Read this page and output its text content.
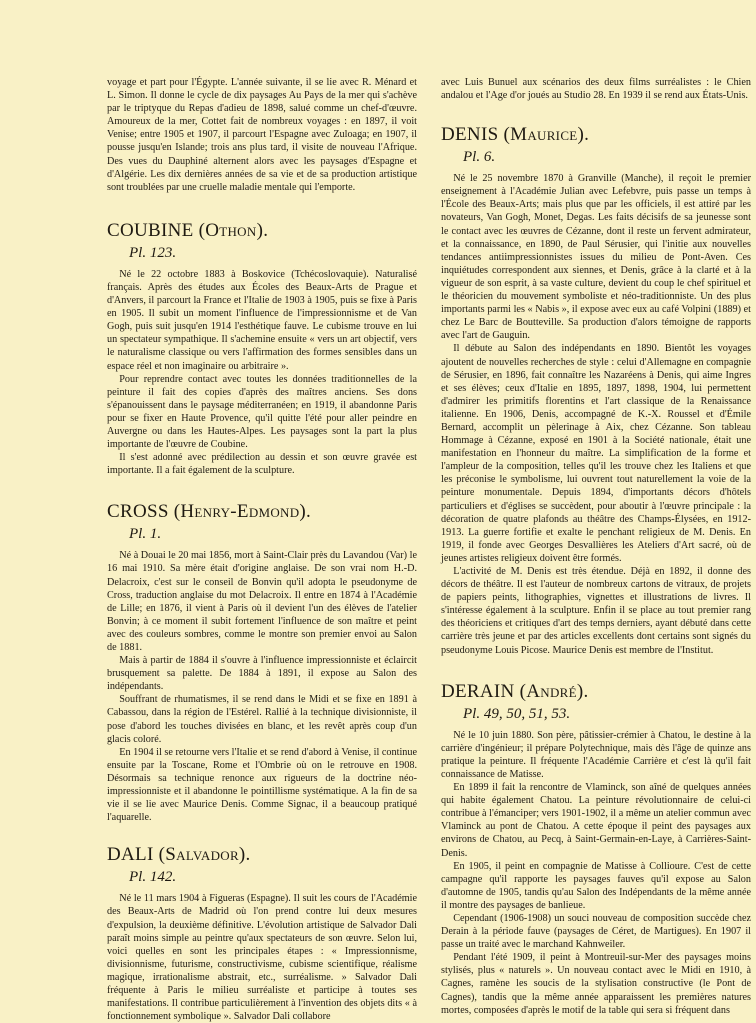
voyage et part pour l'Égypte. L'année suivante, il se lie avec R. Ménard et L. Simon. Il donne le cycle de dix paysages Au Pays de la mer qui s'achève par le triptyque du Repas d'adieu de 1898, salué comme un chef-d'œuvre. Amoureux de la mer, Cottet fait de nombreux voyages : en 1897, il voit Venise; entre 1905 et 1907, il parcourt l'Espagne avec Zuloaga; en 1907, il pousse jusqu'en Islande; trois ans plus tard, il visite de nouveau l'Afrique. Des vues du Dauphiné alternent alors avec les paysages d'Espagne et d'Algérie. Les dix dernières années de sa vie et de sa production artistique sont troublées par une cruelle maladie mentale qui l'emporte.

COUBINE (Othon).
Pl. 123.

Né le 22 octobre 1883 à Boskovice (Tchécoslovaquie). Naturalisé français. Après des études aux Écoles des Beaux-Arts de Prague et d'Anvers, il parcourt la France et l'Italie de 1903 à 1905, puis se fixe à Paris en 1905. Il subit un moment l'influence de l'impressionnisme et de Van Gogh, puis suit jusqu'en 1914 l'esthétique fauve. Le cubisme trouve en lui un spectateur sympathique. Il s'achemine ensuite « vers un art objectif, vers le naturalisme classique ou vers l'affirmation des formes sensibles dans un espace réel et non imaginaire ou arbitraire ».

Pour reprendre contact avec toutes les données traditionnelles de la peinture il fait des copies d'après des maîtres anciens. Ses dons s'épanouissent dans le paysage méditerranéen; en 1919, il abandonne Paris pour se fixer en Haute Provence, qu'il quitte l'été pour aller peindre en Auvergne ou dans les Hautes-Alpes. Les paysages sont la part la plus importante de l'œuvre de Coubine.

Il s'est adonné avec prédilection au dessin et son œuvre gravée est importante. Il a fait également de la sculpture.

CROSS (Henry-Edmond).
Pl. 1.

Né à Douai le 20 mai 1856, mort à Saint-Clair près du Lavandou (Var) le 16 mai 1910. Sa mère était d'origine anglaise. De son vrai nom H.-D. Delacroix, c'est sur le conseil de Bonvin qu'il adopta le pseudonyme de Cross, traduction anglaise du mot Delacroix. Il entre en 1874 à l'Académie de Lille; en 1876, il vient à Paris où il devient l'un des élèves de l'atelier Bonvin; à ce moment il subit fortement l'influence de son maître et peint avec des couleurs sombres, comme le montre son premier envoi au Salon de 1881.

Mais à partir de 1884 il s'ouvre à l'influence impressionniste et éclaircit brusquement sa palette. De 1884 à 1891, il expose au Salon des indépendants.

Souffrant de rhumatismes, il se rend dans le Midi et se fixe en 1891 à Cabassou, dans la région de l'Estérel. Rallié à la technique divisionniste, il pose d'abord les touches divisées en blanc, et les revêt après coup d'un glacis coloré.

En 1904 il se retourne vers l'Italie et se rend d'abord à Venise, il continue ensuite par la Toscane, Rome et l'Ombrie où on le retrouve en 1908. Désormais sa technique renonce aux rigueurs de la doctrine néo-impressionniste et il abandonne le pointillisme systématique. A la fin de sa vie il se lie avec Maurice Denis. Comme Signac, il a beaucoup pratiqué l'aquarelle.

DALI (Salvador).
Pl. 142.

Né le 11 mars 1904 à Figueras (Espagne). Il suit les cours de l'Académie des Beaux-Arts de Madrid où l'on prend contre lui deux mesures d'expulsion, la deuxième définitive. L'évolution artistique de Salvador Dali paraît moins simple au peintre qu'aux spectateurs de son œuvre. Selon lui, voici quelles en sont les principales étapes : « Impressionnisme, divisionnisme, futurisme, constructivisme, cubisme scientifique, réalisme magique, irrationalisme abstrait, etc., surréalisme. » Salvador Dali fréquente à Paris le milieu surréaliste et participe à toutes ses manifestations. Il contribue particulièrement à l'invention des objets dits « à fonctionnement symbolique ». Salvador Dali collabore

avec Luis Bunuel aux scénarios des deux films surréalistes : le Chien andalou et l'Age d'or joués au Studio 28. En 1939 il se rend aux États-Unis.

DENIS (Maurice).
Pl. 6.

Né le 25 novembre 1870 à Granville (Manche), il reçoit le premier enseignement à l'Académie Julian avec Lefebvre, puis passe un temps à l'École des Beaux-Arts; mais plus que par les officiels, il est attiré par les novateurs, Van Gogh, Monet, Degas. Les faits décisifs de sa jeunesse sont le contact avec les œuvres de Cézanne, dont il reste un fervent admirateur, et la connaissance, en 1890, de Paul Sérusier, qui l'initie aux nouvelles tendances antiimpressionnistes issues du milieu de Pont-Aven. Ces inquiétudes correspondent aux siennes, et Denis, grâce à la clarté et à la vigueur de son esprit, à sa vaste culture, devient du coup le chef spirituel et le théoricien du mouvement symboliste et néo-traditionniste. Un des plus importants parmi les « Nabis », il expose avec eux au café Volpini (1889) et chez Le Barc de Boutteville. Sa production d'alors témoigne de rapports avec l'art de Gauguin.

Il débute au Salon des indépendants en 1890. Bientôt les voyages ajoutent de nouvelles recherches de style : celui d'Allemagne en compagnie de Sérusier, en 1896, fait connaître les Nazaréens à Denis, qui aime Ingres et ses élèves; ceux d'Italie en 1895, 1897, 1898, 1904, lui permettent d'admirer les primitifs florentins et l'art classique de la Renaissance italienne. En 1906, Denis, accompagné de K.-X. Roussel et d'Émile Bernard, accomplit un pèlerinage à Aix, chez Cézanne. Son tableau Hommage à Cézanne, exposé en 1901 à la Société nationale, était une manifestation en l'honneur du maître. La simplification de la forme et l'ampleur de la composition, telles qu'il les trouve chez les Italiens et que les préconise le symbolisme, lui ouvrent tout naturellement la voie de la peinture monumentale. Depuis 1894, d'importants décors d'hôtels particuliers et d'églises se succèdent, pour aboutir à l'œuvre principale : la décoration de quatre plafonds au théâtre des Champs-Élysées, en 1912-1913. La guerre fortifie et exalte le penchant religieux de M. Denis. En 1919, il fonde avec Georges Desvallières les Ateliers d'Art sacré, où de jeunes artistes religieux doivent être formés.

L'activité de M. Denis est très étendue. Déjà en 1892, il donne des décors de théâtre. Il est l'auteur de nombreux cartons de vitraux, de projets de papiers peints, lithographies, vignettes et illustrations de livres. Il s'intéresse également à la sculpture. Enfin il se place au tout premier rang des théoriciens et critiques d'art des temps derniers, ayant débuté dans cette carrière très jeune et par des articles excellents dont certains sont signés du pseudonyme Louis Picose. Maurice Denis est membre de l'Institut.

DERAIN (André).
Pl. 49, 50, 51, 53.

Né le 10 juin 1880. Son père, pâtissier-crémier à Chatou, le destine à la carrière d'ingénieur; il prépare Polytechnique, mais dès l'âge de quinze ans pratique la peinture. Il fréquente l'Académie Carrière et c'est là qu'il fait connaissance de Matisse.

En 1899 il fait la rencontre de Vlaminck, son aîné de quelques années qui habite également Chatou. La peinture révolutionnaire de celui-ci contribue à l'émanciper; vers 1901-1902, il a même un atelier commun avec Vlaminck au pont de Chatou. A cette époque il peint des paysages aux environs de Chatou, au Pecq, à Saint-Germain-en-Laye, à Carrières-Saint-Denis.

En 1905, il peint en compagnie de Matisse à Collioure. C'est de cette campagne qu'il rapporte les paysages fauves qu'il expose au Salon d'automne de 1905, tandis qu'au Salon des Indépendants de la même année il montre des paysages de banlieue.

Cependant (1906-1908) un souci nouveau de composition succède chez Derain à la période fauve (paysages de Céret, de Martigues). En 1907 il passe un traité avec le marchand Kahnweiler.

Pendant l'été 1909, il peint à Montreuil-sur-Mer des paysages moins stylisés, plus « naturels ». Un nouveau contact avec le Midi en 1910, à Cagnes, ramène les soucis de la stylisation constructive (le Pont de Cagnes), tandis que la même année apparaissent les premières natures mortes, composées d'après le motif de la table qui sera si fréquent dans
